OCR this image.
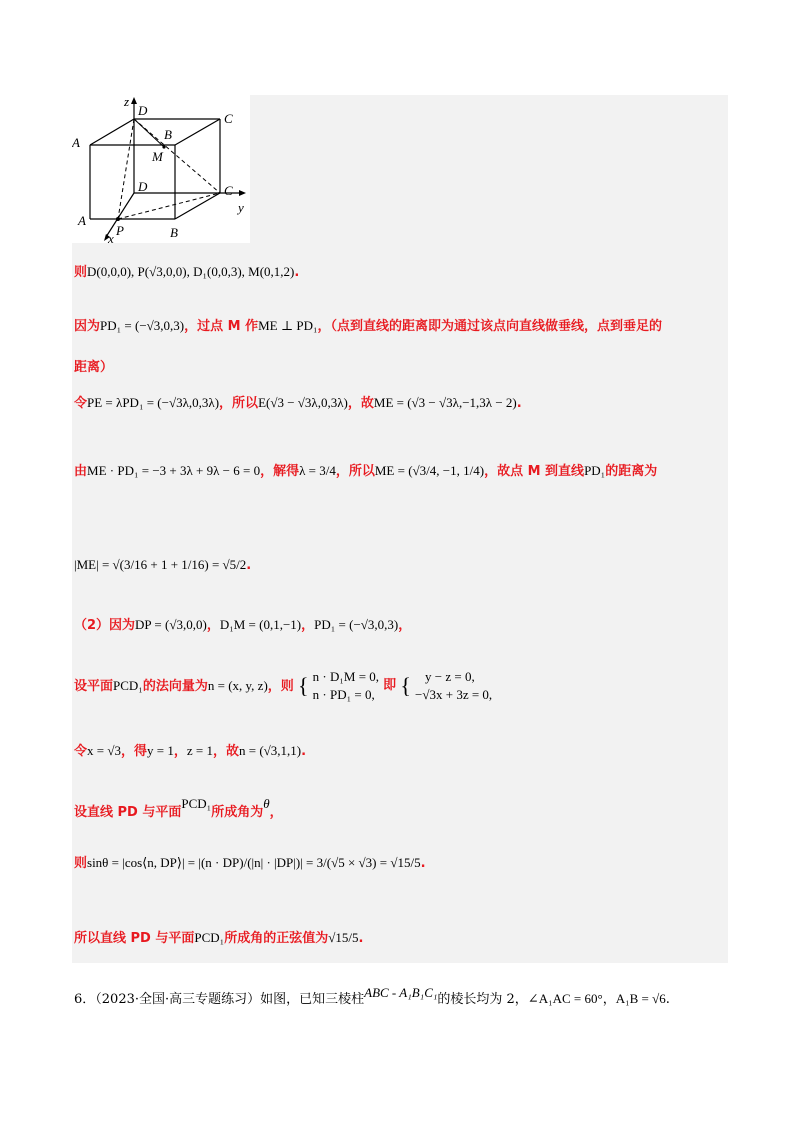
z
D
C
A
B
M
D	C
y
A
P	B
x
则D(0,0,0), P(√3,0,0), D₁(0,0,3), M(0,1,2).
因为PD₁ = (−√3,0,3)，过点 M 作ME ⊥ PD₁，（点到直线的距离即为通过该点向直线做垂线，点到垂足的
距离）
令PE = λPD₁ = (−√3λ,0,3λ)，所以E(√3 − √3λ,0,3λ)，故ME = (√3 − √3λ,−1,3λ − 2).
由ME · PD₁ = −3 + 3λ + 9λ − 6 = 0，解得λ = 3/4，所以ME = (√3/4, −1, 1/4)，故点 M 到直线PD₁的距离为
|ME| = √(3/16 + 1 + 1/16) = √5/2.
（2）因为DP = (√3,0,0)，D₁M = (0,1,−1)，PD₁ = (−√3,0,3)，
设平面PCD₁的法向量为n = (x, y, z)，则 { n · D₁M = 0,
n · PD₁ = 0,
即 {	y − z = 0,
−√3x + 3z = 0,
令x = √3，得y = 1，z = 1，故n = (√3,1,1).
设直线 PD 与平面PCD₁所成角为θ，
则sinθ = |cos⟨n, DP⟩| = |(n · DP)/(|n| · |DP|)| = 3/(√5 × √3) = √15/5.
所以直线 PD 与平面PCD₁所成角的正弦值为√15/5.
6．（2023·全国·高三专题练习）如图，已知三棱柱ABC - A₁B₁C₁的棱长均为 2，∠A₁AC = 60°，A₁B = √6.
